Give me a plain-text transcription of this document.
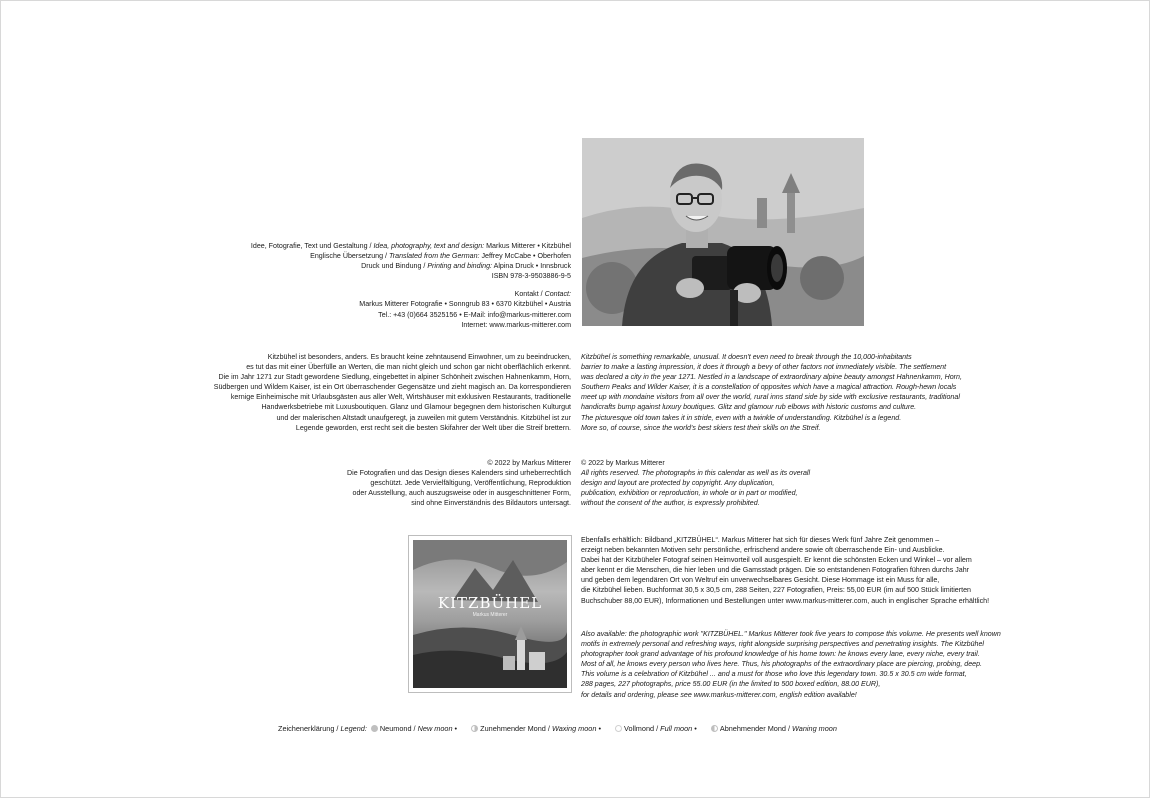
Idee, Fotografie, Text und Gestaltung / Idea, photography, text and design: Markus Mitterer • Kitzbühel
Englische Übersetzung / Translated from the German: Jeffrey McCabe • Oberhofen
Druck und Bindung / Printing and binding: Alpina Druck • Innsbruck
ISBN 978-3-9503886-9-5
Kontakt / Contact:
Markus Mitterer Fotografie • Sonngrub 83 • 6370 Kitzbühel • Austria
Tel.: +43 (0)664 3525156 • E-Mail: info@markus-mitterer.com
Internet: www.markus-mitterer.com
Kitzbühel ist besonders, anders. Es braucht keine zehntausend Einwohner, um zu beeindrucken,
es tut das mit einer Überfülle an Werten, die man nicht gleich und schon gar nicht oberflächlich erkennt.
Die im Jahr 1271 zur Stadt gewordene Siedlung, eingebettet in alpiner Schönheit zwischen Hahnenkamm, Horn,
Südbergen und Wildem Kaiser, ist ein Ort überraschender Gegensätze und zieht magisch an. Da korrespondieren
kernige Einheimische mit Urlaubsgästen aus aller Welt, Wirtshäuser mit exklusiven Restaurants, traditionelle
Handwerksbetriebe mit Luxusboutiquen. Glanz und Glamour begegnen dem historischen Kulturgut
und der malerischen Altstadt unaufgeregt, ja zuweilen mit gutem Verständnis. Kitzbühel ist zur
Legende geworden, erst recht seit die besten Skifahrer der Welt über die Streif brettern.
Kitzbühel is something remarkable, unusual. It doesn't even need to break through the 10,000-inhabitants
barrier to make a lasting impression, it does it through a bevy of other factors not immediately visible. The settlement
was declared a city in the year 1271. Nestled in a landscape of extraordinary alpine beauty amongst Hahnenkamm, Horn,
Southern Peaks and Wilder Kaiser, it is a constellation of opposites which have a magical attraction. Rough-hewn locals
meet up with mondaine visitors from all over the world, rural inns stand side by side with exclusive restaurants, traditional
handicrafts bump against luxury boutiques. Glitz and glamour rub elbows with historic customs and culture.
The picturesque old town takes it in stride, even with a twinkle of understanding. Kitzbühel is a legend.
More so, of course, since the world's best skiers test their skills on the Streif.
© 2022 by Markus Mitterer
Die Fotografien und das Design dieses Kalenders sind urheberrechtlich
geschützt. Jede Vervielfältigung, Veröffentlichung, Reproduktion
oder Ausstellung, auch auszugsweise oder in ausgeschnittener Form,
sind ohne Einverständnis des Bildautors untersagt.
© 2022 by Markus Mitterer
All rights reserved. The photographs in this calendar as well as its overall
design and layout are protected by copyright. Any duplication,
publication, exhibition or reproduction, in whole or in part or modified,
without the consent of the author, is expressly prohibited.
KITZBÜHEL
Markus Mitterer
Ebenfalls erhältlich: Bildband „KITZBÜHEL“. Markus Mitterer hat sich für dieses Werk fünf Jahre Zeit genommen –
erzeigt neben bekannten Motiven sehr persönliche, erfrischend andere sowie oft überraschende Ein- und Ausblicke.
Dabei hat der Kitzbüheler Fotograf seinen Heimvorteil voll ausgespielt. Er kennt die schönsten Ecken und Winkel – vor allem
aber kennt er die Menschen, die hier leben und die Gamsstadt prägen. Die so entstandenen Fotografien führen durchs Jahr
und geben dem legendären Ort von Weltruf ein unverwechselbares Gesicht. Diese Hommage ist ein Muss für alle,
die Kitzbühel lieben. Buchformat 30,5 x 30,5 cm, 288 Seiten, 227 Fotografien, Preis: 55,00 EUR (im auf 500 Stück limitierten
Buchschuber 88,00 EUR), Informationen und Bestellungen unter www.markus-mitterer.com, auch in englischer Sprache erhältlich!
Also available: the photographic work "KITZBÜHEL." Markus Mitterer took five years to compose this volume. He presents well known
motifs in extremely personal and refreshing ways, right alongside surprising perspectives and penetrating insights. The Kitzbühel
photographer took grand advantage of his profound knowledge of his home town: he knows every lane, every niche, every trail.
Most of all, he knows every person who lives here. Thus, his photographs of the extraordinary place are piercing, probing, deep.
This volume is a celebration of Kitzbühel ... and a must for those who love this legendary town. 30.5 x 30.5 cm wide format,
288 pages, 227 photographs, price 55.00 EUR (in the limited to 500 boxed edition, 88.00 EUR),
for details and ordering, please see www.markus-mitterer.com, english edition available!
Zeichenerklärung / Legend: Neumond / New moon •	Zunehmender Mond / Waxing moon •	Vollmond / Full moon •	Abnehmender Mond / Waning moon
